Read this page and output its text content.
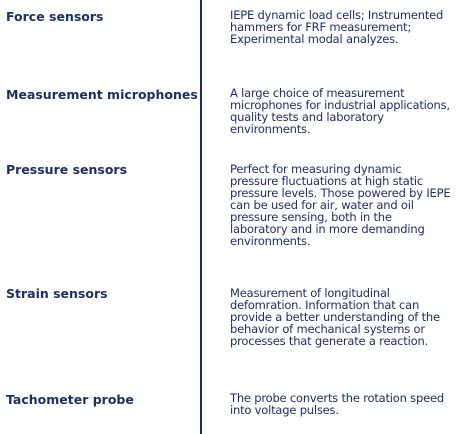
Force sensors	IEPE dynamic load cells; Instrumented hammers for FRF measurement; Experimental modal analyzes.
Measurement microphones	A large choice of measurement microphones for industrial applications, quality tests and laboratory environments.
Pressure sensors	Perfect for measuring dynamic pressure fluctuations at high static pressure levels. Those powered by IEPE can be used for air, water and oil pressure sensing, both in the laboratory and in more demanding environments.
Strain sensors	Measurement of longitudinal defomration. Information that can provide a better understanding of the behavior of mechanical systems or processes that generate a reaction.
Tachometer probe	The probe converts the rotation speed into voltage pulses.
